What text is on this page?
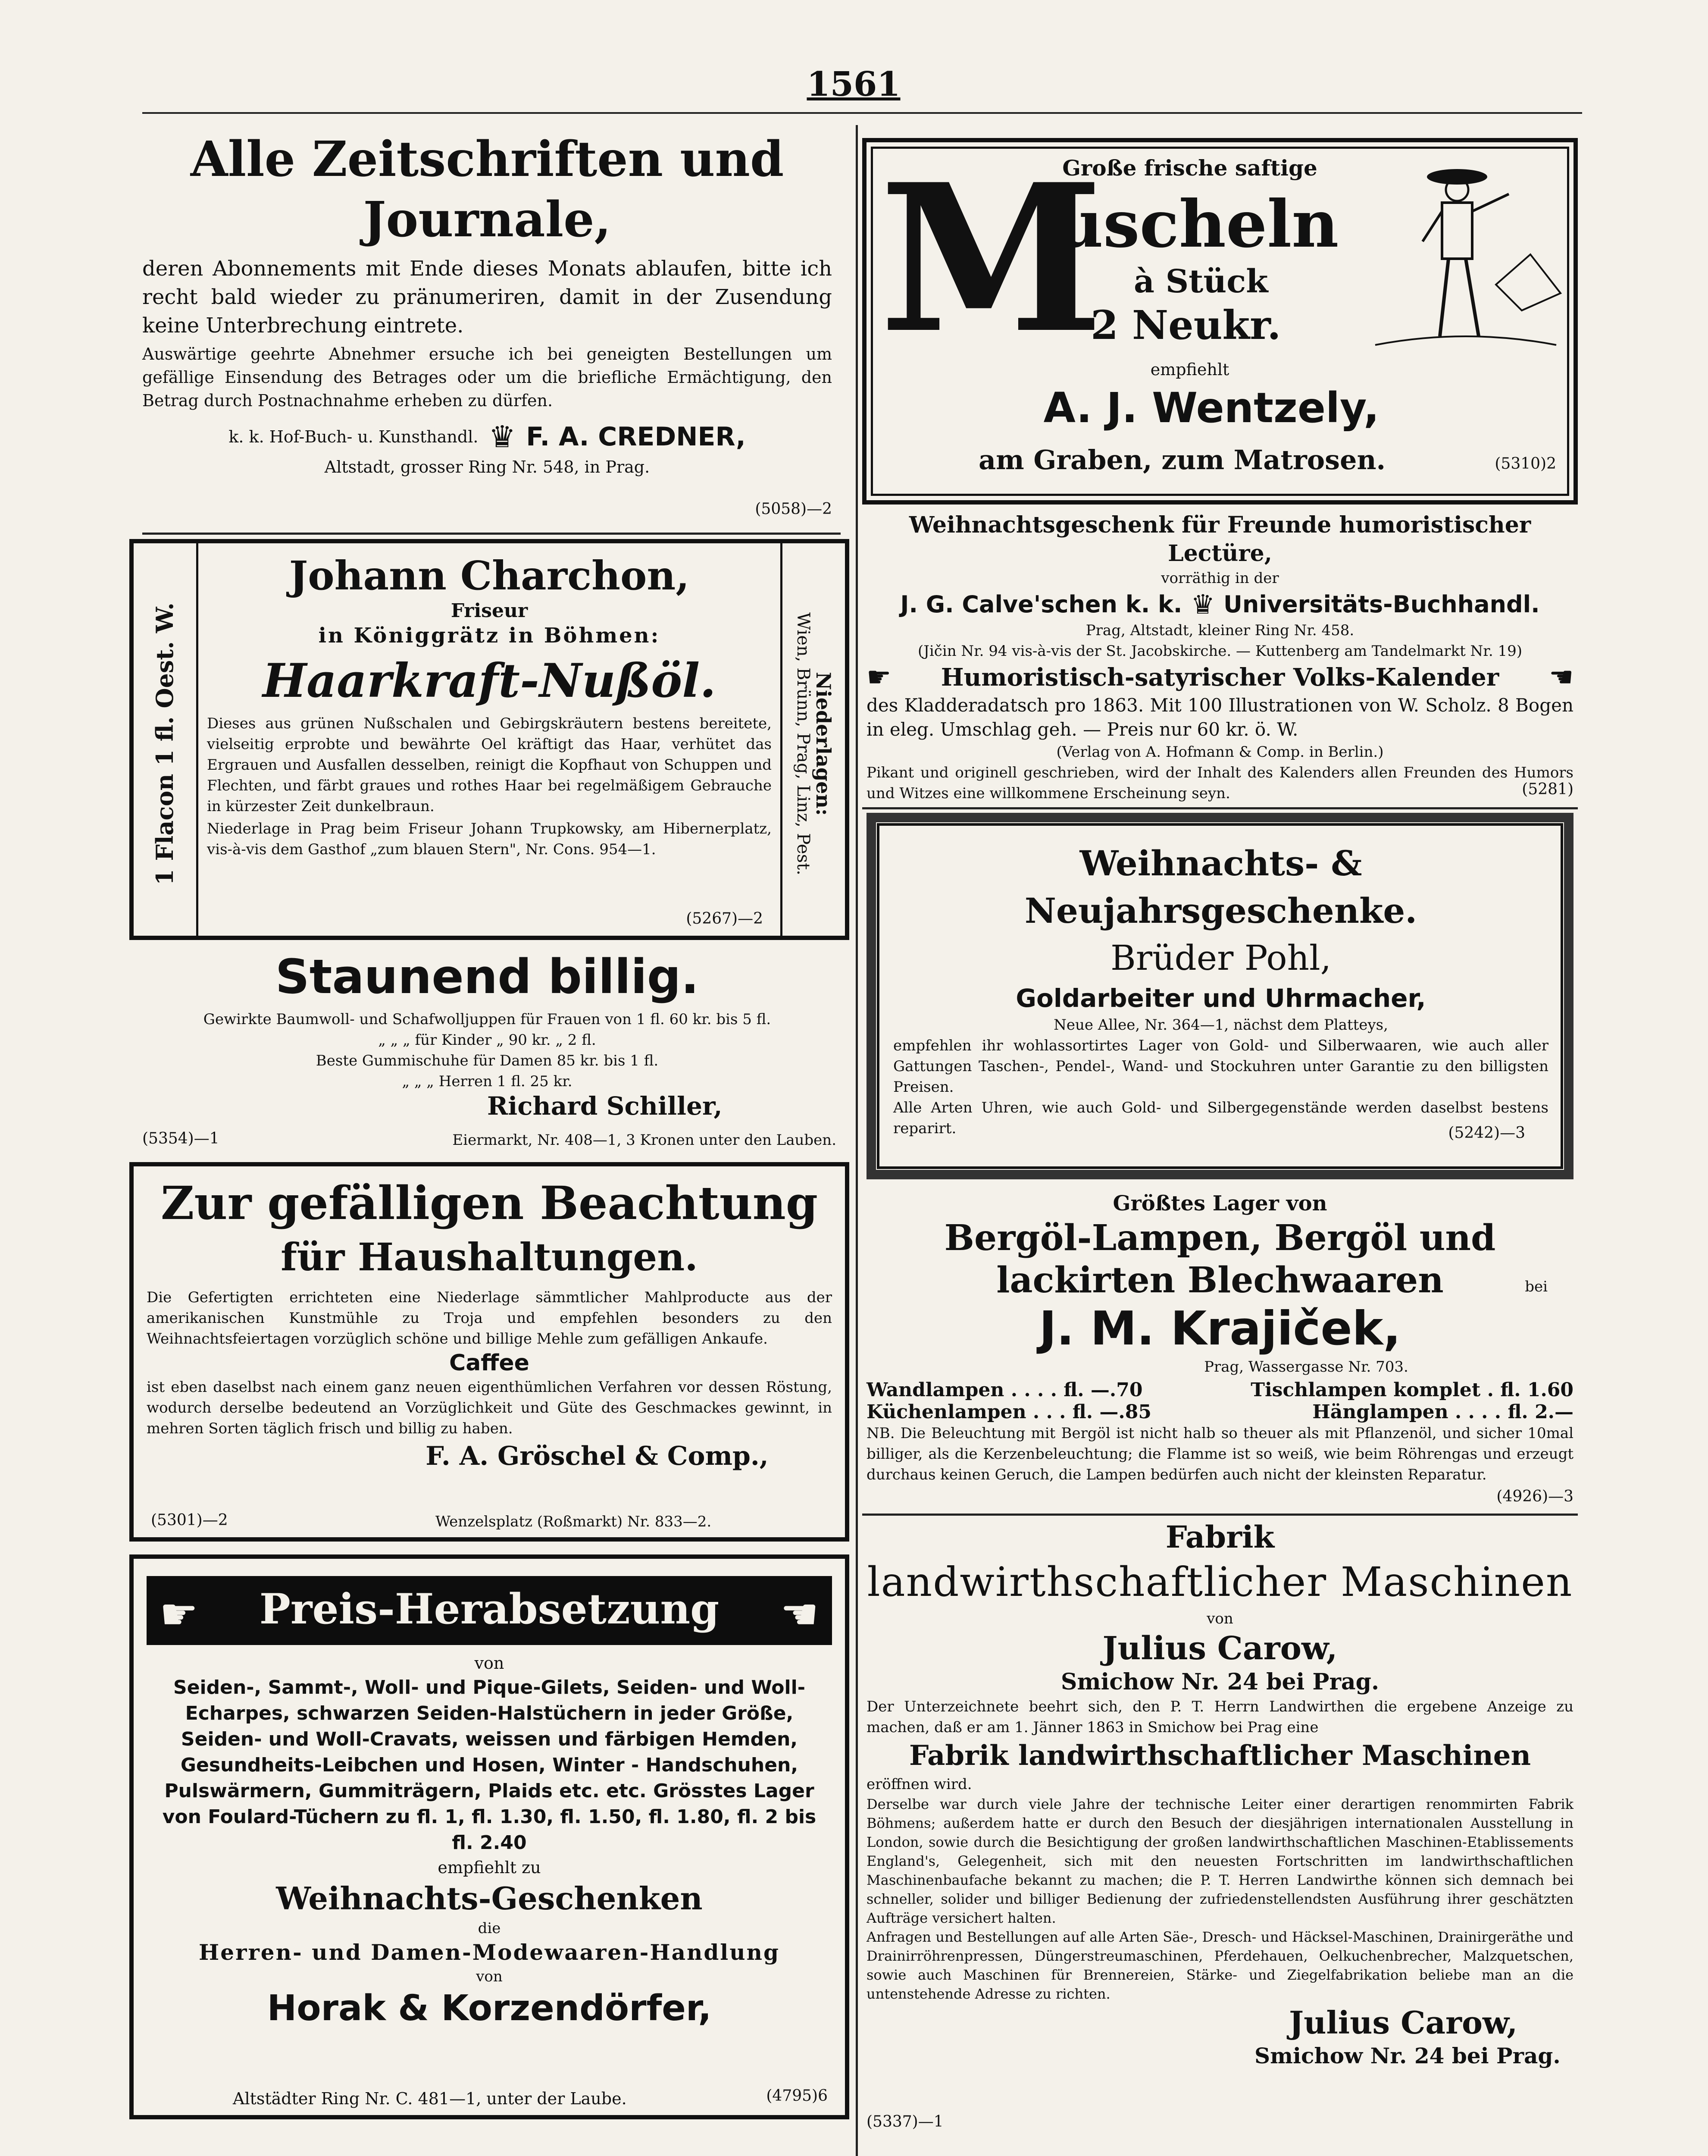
1561
Alle Zeitschriften und
Journale,
deren Abonnements mit Ende dieses Monats ablaufen, bitte ich recht bald wieder zu pränumeriren, damit in der Zusendung keine Unterbrechung eintrete.
Auswärtige geehrte Abnehmer ersuche ich bei geneigten Bestellungen um gefällige Einsendung des Betrages oder um die briefliche Ermächtigung, den Betrag durch Postnachnahme erheben zu dürfen.
k. k. Hof-Buch- u. Kunsthandl. ♛ F. A. CREDNER,
Altstadt, grosser Ring Nr. 548, in Prag.
(5058)—2
1 Flacon 1 fl. Oest. W.	Niederlagen:
Wien, Brünn, Prag, Linz, Pest.
Johann Charchon,
Friseur
in Königgrätz in Böhmen:
Haarkraft-Nußöl.
Dieses aus grünen Nußschalen und Gebirgskräutern bestens bereitete, vielseitig erprobte und bewährte Oel kräftigt das Haar, verhütet das Ergrauen und Ausfallen desselben, reinigt die Kopfhaut von Schuppen und Flechten, und färbt graues und rothes Haar bei regelmäßigem Gebrauche in kürzester Zeit dunkelbraun.
Niederlage in Prag beim Friseur Johann Trupkowsky, am Hibernerplatz, vis-à-vis dem Gasthof „zum blauen Stern", Nr. Cons. 954—1.
(5267)—2
Staunend billig.
Gewirkte Baumwoll- und Schafwolljuppen für Frauen von 1 fl. 60 kr. bis 5 fl.
„ „ „ für Kinder „ 90 kr. „ 2 fl.
Beste Gummischuhe für Damen 85 kr. bis 1 fl.
„ „ „ Herren 1 fl. 25 kr.
Richard Schiller,
(5354)—1	Eiermarkt, Nr. 408—1, 3 Kronen unter den Lauben.
Zur gefälligen Beachtung
für Haushaltungen.
Die Gefertigten errichteten eine Niederlage sämmtlicher Mahlproducte aus der amerikanischen Kunstmühle zu Troja und empfehlen besonders zu den Weihnachtsfeiertagen vorzüglich schöne und billige Mehle zum gefälligen Ankaufe.
Caffee
ist eben daselbst nach einem ganz neuen eigenthümlichen Verfahren vor dessen Röstung, wodurch derselbe bedeutend an Vorzüglichkeit und Güte des Geschmackes gewinnt, in mehren Sorten täglich frisch und billig zu haben.
F. A. Gröschel & Comp.,
(5301)—2	Wenzelsplatz (Roßmarkt) Nr. 833—2.
☛	☛
Preis-Herabsetzung
von
Seiden-, Sammt-, Woll- und Pique-Gilets, Seiden- und Woll-Echarpes, schwarzen Seiden-Halstüchern in jeder Größe, Seiden- und Woll-Cravats, weissen und färbigen Hemden, Gesundheits-Leibchen und Hosen, Winter - Handschuhen, Pulswärmern, Gummiträgern, Plaids etc. etc. Grösstes Lager von Foulard-Tüchern zu fl. 1, fl. 1.30, fl. 1.50, fl. 1.80, fl. 2 bis fl. 2.40
empfiehlt zu
Weihnachts-Geschenken
die
Herren- und Damen-Modewaaren-Handlung
von
Horak & Korzendörfer,
Altstädter Ring Nr. C. 481—1, unter der Laube.	(4795)6
Große frische saftige
M
uscheln
à Stück
2 Neukr.
empfiehlt
A. J. Wentzely,
am Graben, zum Matrosen.	(5310)2
Weihnachtsgeschenk für Freunde humoristischer Lectüre,
vorräthig in der
J. G. Calve'schen k. k. ♛ Universitäts-Buchhandl.
Prag, Altstadt, kleiner Ring Nr. 458.
(Jičin Nr. 94 vis-à-vis der St. Jacobskirche. — Kuttenberg am Tandelmarkt Nr. 19)
☛ Humoristisch-satyrischer Volks-Kalender ☛
des Kladderadatsch pro 1863. Mit 100 Illustrationen von W. Scholz. 8 Bogen in eleg. Umschlag geh. — Preis nur 60 kr. ö. W.
(Verlag von A. Hofmann & Comp. in Berlin.)
Pikant und originell geschrieben, wird der Inhalt des Kalenders allen Freunden des Humors und Witzes eine willkommene Erscheinung seyn.	(5281)
Weihnachts- & Neujahrsgeschenke.
Brüder Pohl,
Goldarbeiter und Uhrmacher,
Neue Allee, Nr. 364—1, nächst dem Platteys,
empfehlen ihr wohlassortirtes Lager von Gold- und Silberwaaren, wie auch aller Gattungen Taschen-, Pendel-, Wand- und Stockuhren unter Garantie zu den billigsten Preisen.
Alle Arten Uhren, wie auch Gold- und Silbergegenstände werden daselbst bestens reparirt.	(5242)—3
Größtes Lager von
Bergöl-Lampen, Bergöl und
lackirten Blechwaaren	bei
J. M. Krajiček,
Prag, Wassergasse Nr. 703.
Wandlampen . . . . fl. —.70	Tischlampen komplet . fl. 1.60
Küchenlampen . . . fl. —.85	Hänglampen . . . . fl. 2.—
NB. Die Beleuchtung mit Bergöl ist nicht halb so theuer als mit Pflanzenöl, und sicher 10mal billiger, als die Kerzenbeleuchtung; die Flamme ist so weiß, wie beim Röhrengas und erzeugt durchaus keinen Geruch, die Lampen bedürfen auch nicht der kleinsten Reparatur.
(4926)—3
Fabrik
landwirthschaftlicher Maschinen
von
Julius Carow,
Smichow Nr. 24 bei Prag.
Der Unterzeichnete beehrt sich, den P. T. Herrn Landwirthen die ergebene Anzeige zu machen, daß er am 1. Jänner 1863 in Smichow bei Prag eine
Fabrik landwirthschaftlicher Maschinen
eröffnen wird.
Derselbe war durch viele Jahre der technische Leiter einer derartigen renommirten Fabrik Böhmens; außerdem hatte er durch den Besuch der diesjährigen internationalen Ausstellung in London, sowie durch die Besichtigung der großen landwirthschaftlichen Maschinen-Etablissements England's, Gelegenheit, sich mit den neuesten Fortschritten im landwirthschaftlichen Maschinenbaufache bekannt zu machen; die P. T. Herren Landwirthe können sich demnach bei schneller, solider und billiger Bedienung der zufriedenstellendsten Ausführung ihrer geschätzten Aufträge versichert halten.
Anfragen und Bestellungen auf alle Arten Säe-, Dresch- und Häcksel-Maschinen, Drainirgeräthe und Drainirröhrenpressen, Düngerstreumaschinen, Pferdehauen, Oelkuchenbrecher, Malzquetschen, sowie auch Maschinen für Brennereien, Stärke- und Ziegelfabrikation beliebe man an die untenstehende Adresse zu richten.
Julius Carow,
Smichow Nr. 24 bei Prag.
(5337)—1
